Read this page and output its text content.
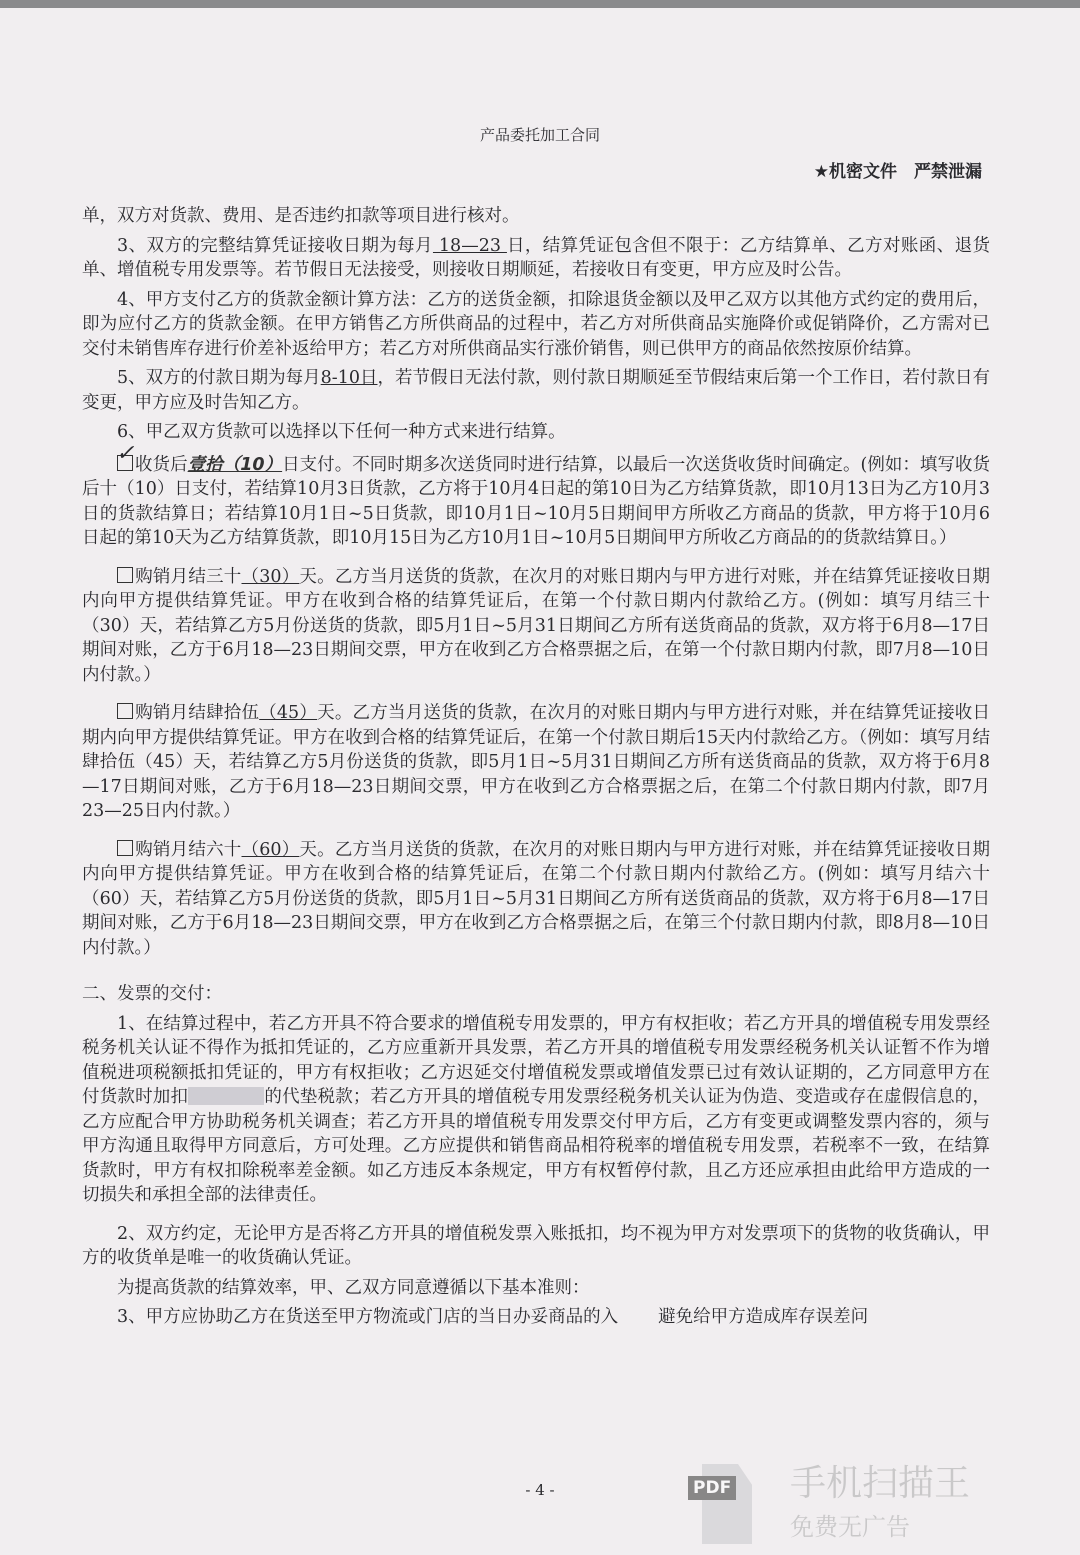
产品委托加工合同
★机密文件　严禁泄漏
单，双方对货款、费用、是否违约扣款等项目进行核对。
3、双方的完整结算凭证接收日期为每月 18—23 日，结算凭证包含但不限于：乙方结算单、乙方对账函、退货单、增值税专用发票等。若节假日无法接受，则接收日期顺延，若接收日有变更，甲方应及时公告。
4、甲方支付乙方的货款金额计算方法：乙方的送货金额，扣除退货金额以及甲乙双方以其他方式约定的费用后，即为应付乙方的货款金额。在甲方销售乙方所供商品的过程中，若乙方对所供商品实施降价或促销降价，乙方需对已交付未销售库存进行价差补返给甲方；若乙方对所供商品实行涨价销售，则已供甲方的商品依然按原价结算。
5、双方的付款日期为每月8-10日，若节假日无法付款，则付款日期顺延至节假结束后第一个工作日，若付款日有变更，甲方应及时告知乙方。
6、甲乙双方货款可以选择以下任何一种方式来进行结算。
✓收货后壹拾（10）日支付。不同时期多次送货同时进行结算，以最后一次送货收货时间确定。(例如：填写收货后十（10）日支付，若结算10月3日货款，乙方将于10月4日起的第10日为乙方结算货款，即10月13日为乙方10月3日的货款结算日；若结算10月1日~5日货款，即10月1日~10月5日期间甲方所收乙方商品的货款，甲方将于10月6日起的第10天为乙方结算货款，即10月15日为乙方10月1日~10月5日期间甲方所收乙方商品的的货款结算日。）
购销月结三十（30）天。乙方当月送货的货款，在次月的对账日期内与甲方进行对账，并在结算凭证接收日期内向甲方提供结算凭证。甲方在收到合格的结算凭证后，在第一个付款日期内付款给乙方。(例如：填写月结三十（30）天，若结算乙方5月份送货的货款，即5月1日~5月31日期间乙方所有送货商品的货款，双方将于6月8—17日期间对账，乙方于6月18—23日期间交票，甲方在收到乙方合格票据之后，在第一个付款日期内付款，即7月8—10日内付款。）
购销月结肆拾伍（45）天。乙方当月送货的货款，在次月的对账日期内与甲方进行对账，并在结算凭证接收日期内向甲方提供结算凭证。甲方在收到合格的结算凭证后，在第一个付款日期后15天内付款给乙方。（例如：填写月结肆拾伍（45）天，若结算乙方5月份送货的货款，即5月1日~5月31日期间乙方所有送货商品的货款，双方将于6月8—17日期间对账，乙方于6月18—23日期间交票，甲方在收到乙方合格票据之后，在第二个付款日期内付款，即7月23—25日内付款。）
购销月结六十（60）天。乙方当月送货的货款，在次月的对账日期内与甲方进行对账，并在结算凭证接收日期内向甲方提供结算凭证。甲方在收到合格的结算凭证后，在第二个付款日期内付款给乙方。(例如：填写月结六十（60）天，若结算乙方5月份送货的货款，即5月1日~5月31日期间乙方所有送货商品的货款，双方将于6月8—17日期间对账，乙方于6月18—23日期间交票，甲方在收到乙方合格票据之后，在第三个付款日期内付款，即8月8—10日内付款。）
二、发票的交付：
1、在结算过程中，若乙方开具不符合要求的增值税专用发票的，甲方有权拒收；若乙方开具的增值税专用发票经税务机关认证不得作为抵扣凭证的，乙方应重新开具发票，若乙方开具的增值税专用发票经税务机关认证暂不作为增值税进项税额抵扣凭证的，甲方有权拒收；乙方迟延交付增值税发票或增值发票已过有效认证期的，乙方同意甲方在付货款时加扣	的代垫税款；若乙方开具的增值税专用发票经税务机关认证为伪造、变造或存在虚假信息的，乙方应配合甲方协助税务机关调查；若乙方开具的增值税专用发票交付甲方后，乙方有变更或调整发票内容的，须与甲方沟通且取得甲方同意后，方可处理。乙方应提供和销售商品相符税率的增值税专用发票，若税率不一致，在结算货款时，甲方有权扣除税率差金额。如乙方违反本条规定，甲方有权暂停付款，且乙方还应承担由此给甲方造成的一切损失和承担全部的法律责任。
2、双方约定，无论甲方是否将乙方开具的增值税发票入账抵扣，均不视为甲方对发票项下的货物的收货确认，甲方的收货单是唯一的收货确认凭证。
为提高货款的结算效率，甲、乙双方同意遵循以下基本准则：
3、甲方应协助乙方在货送至甲方物流或门店的当日办妥商品的入 避免给甲方造成库存误差问
- 4 -	PDF 手机扫描王
免费无广告
